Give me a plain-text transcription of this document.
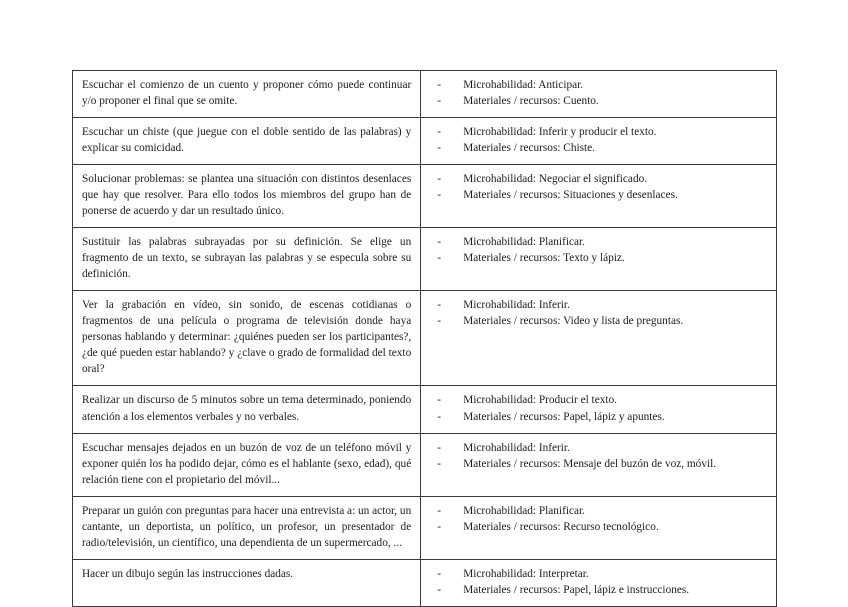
Escuchar el comienzo de un cuento y proponer cómo puede continuar y/o proponer el final que se omite.	- Microhabilidad: Anticipar.
- Materiales / recursos: Cuento.

Escuchar un chiste (que juegue con el doble sentido de las palabras) y explicar su comicidad.	- Microhabilidad: Inferir y producir el texto.
- Materiales / recursos: Chiste.

Solucionar problemas: se plantea una situación con distintos desenlaces que hay que resolver. Para ello todos los miembros del grupo han de ponerse de acuerdo y dar un resultado único.	- Microhabilidad: Negociar el significado.
- Materiales / recursos: Situaciones y desenlaces.

Sustituir las palabras subrayadas por su definición. Se elige un fragmento de un texto, se subrayan las palabras y se especula sobre su definición.	- Microhabilidad: Planificar.
- Materiales / recursos: Texto y lápiz.

Ver la grabación en vídeo, sin sonido, de escenas cotidianas o fragmentos de una película o programa de televisión donde haya personas hablando y determinar: ¿quiénes pueden ser los participantes?, ¿de qué pueden estar hablando? y ¿clave o grado de formalidad del texto oral?	
-	Microhabilidad: Inferir.
-	Materiales / recursos: Video y lista de preguntas.

Realizar un discurso de 5 minutos sobre un tema determinado, poniendo atención a los elementos verbales y no verbales.	- Microhabilidad: Producir el texto.
- Materiales / recursos: Papel, lápiz y apuntes.

Escuchar mensajes dejados en un buzón de voz de un teléfono móvil y exponer quién los ha podido dejar, cómo es el hablante (sexo, edad), qué relación tiene con el propietario del móvil...	- Microhabilidad: Inferir.
- Materiales / recursos: Mensaje del buzón de voz, móvil.

Preparar un guión con preguntas para hacer una entrevista a: un actor, un cantante, un deportista, un político, un profesor, un presentador de radio/televisión, un científico, una dependienta de un supermercado, ...	
-	Microhabilidad: Planificar.
-	Materiales / recursos: Recurso tecnológico.

Hacer un dibujo según las instrucciones dadas.	- Microhabilidad: Interpretar.
- Materiales / recursos: Papel, lápiz e instrucciones.
